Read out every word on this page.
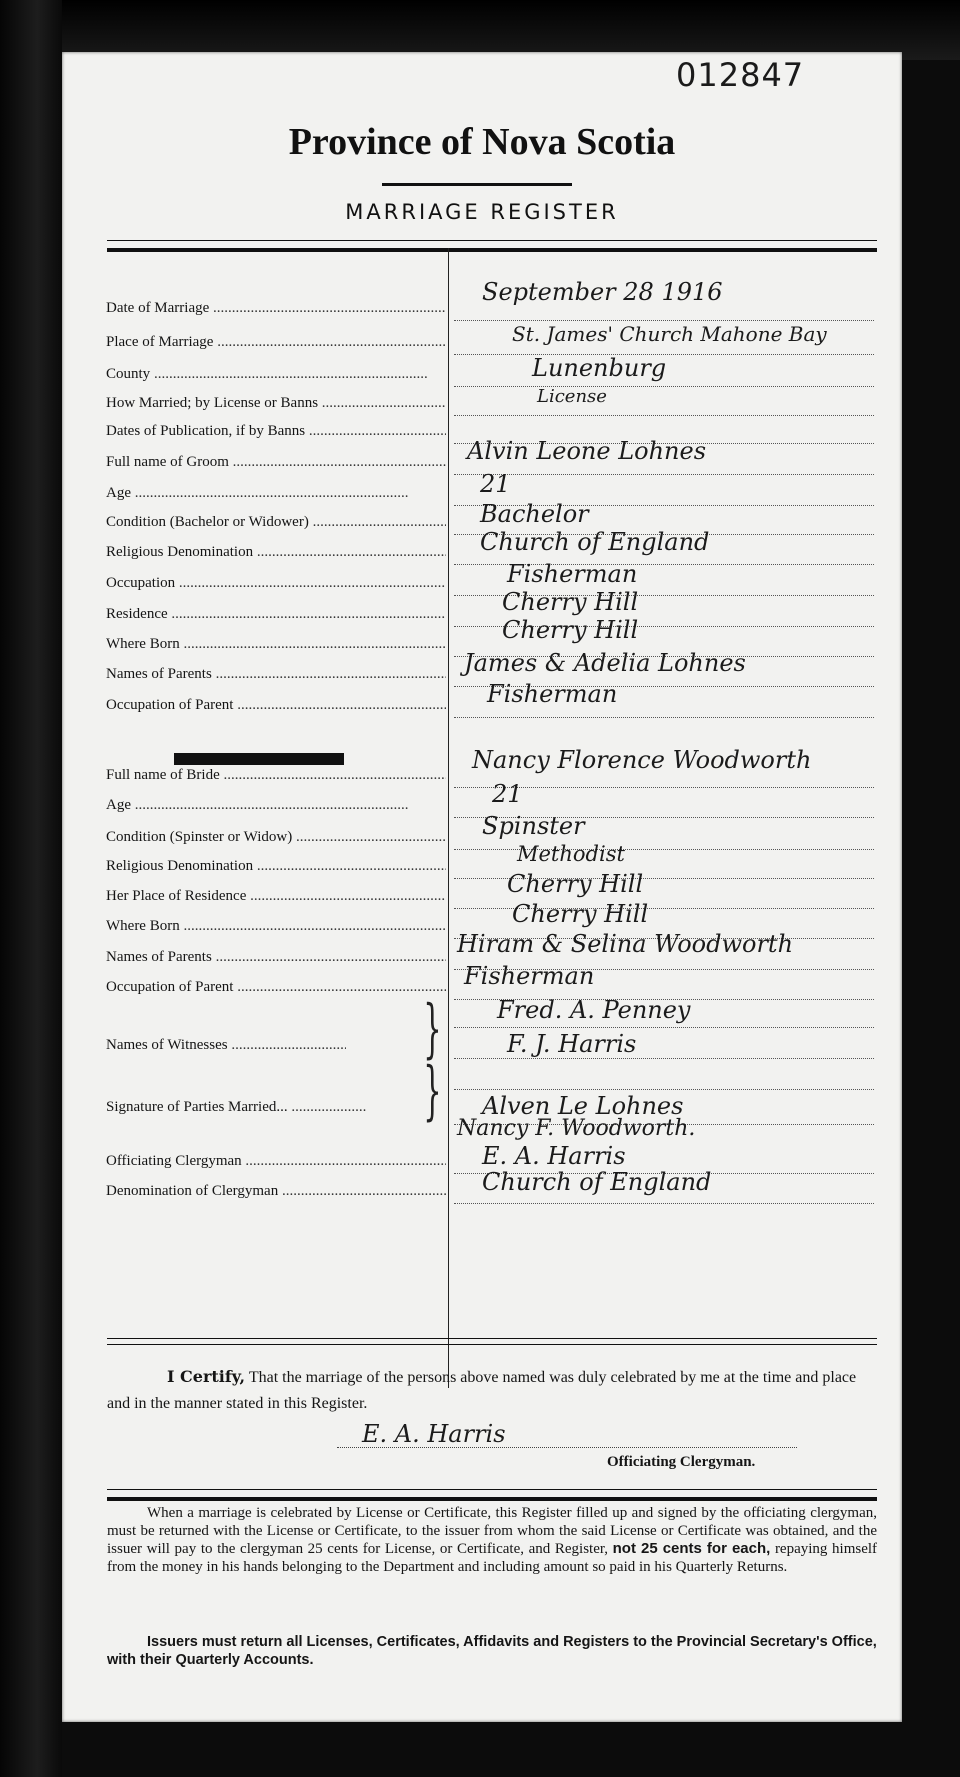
012847
Province of Nova Scotia
MARRIAGE REGISTER
Date of Marriage .....
September 28 1916
Place of Marriage .....	St. James' Church Mahone Bay
County .....	Lunenburg
How Married; by License or Banns .....	License
Dates of Publication, if by Banns .....
Full name of Groom .....	Alvin Leone Lohnes
Age .....	21
Condition (Bachelor or Widower) .....	Bachelor
Religious Denomination .....	Church of England
Occupation .....	Fisherman
Residence .....	Cherry Hill
Where Born .....	Cherry Hill
Names of Parents .....	James & Adelia Lohnes
Occupation of Parent .....	Fisherman
Full name of Bride .....
Nancy Florence Woodworth
Age .....	21
Condition (Spinster or Widow) .....	Spinster
Religious Denomination .....	Methodist
Her Place of Residence .....	Cherry Hill
Where Born .....	Cherry Hill
Names of Parents .....	Hiram & Selina Woodworth
Occupation of Parent .....	Fisherman
Names of Witnesses .....	} Fred. A. Penney
F. J. Harris
Signature of Parties Married... .....	} Alven Le Lohnes
Nancy F. Woodworth.
Officiating Clergyman .....	E. A. Harris
Denomination of Clergyman .....	Church of England
I Certify, That the marriage of the persons above named was duly celebrated by me at the time and place and in the manner stated in this Register.
E. A. Harris
Officiating Clergyman.
When a marriage is celebrated by License or Certificate, this Register filled up and signed by the officiating clergyman, must be returned with the License or Certificate, to the issuer from whom the said License or Certificate was obtained, and the issuer will pay to the clergyman 25 cents for License, or Certificate, and Register, not 25 cents for each, repaying himself from the money in his hands belonging to the Department and including amount so paid in his Quarterly Returns.
Issuers must return all Licenses, Certificates, Affidavits and Registers to the Provincial Secretary's Office, with their Quarterly Accounts.
